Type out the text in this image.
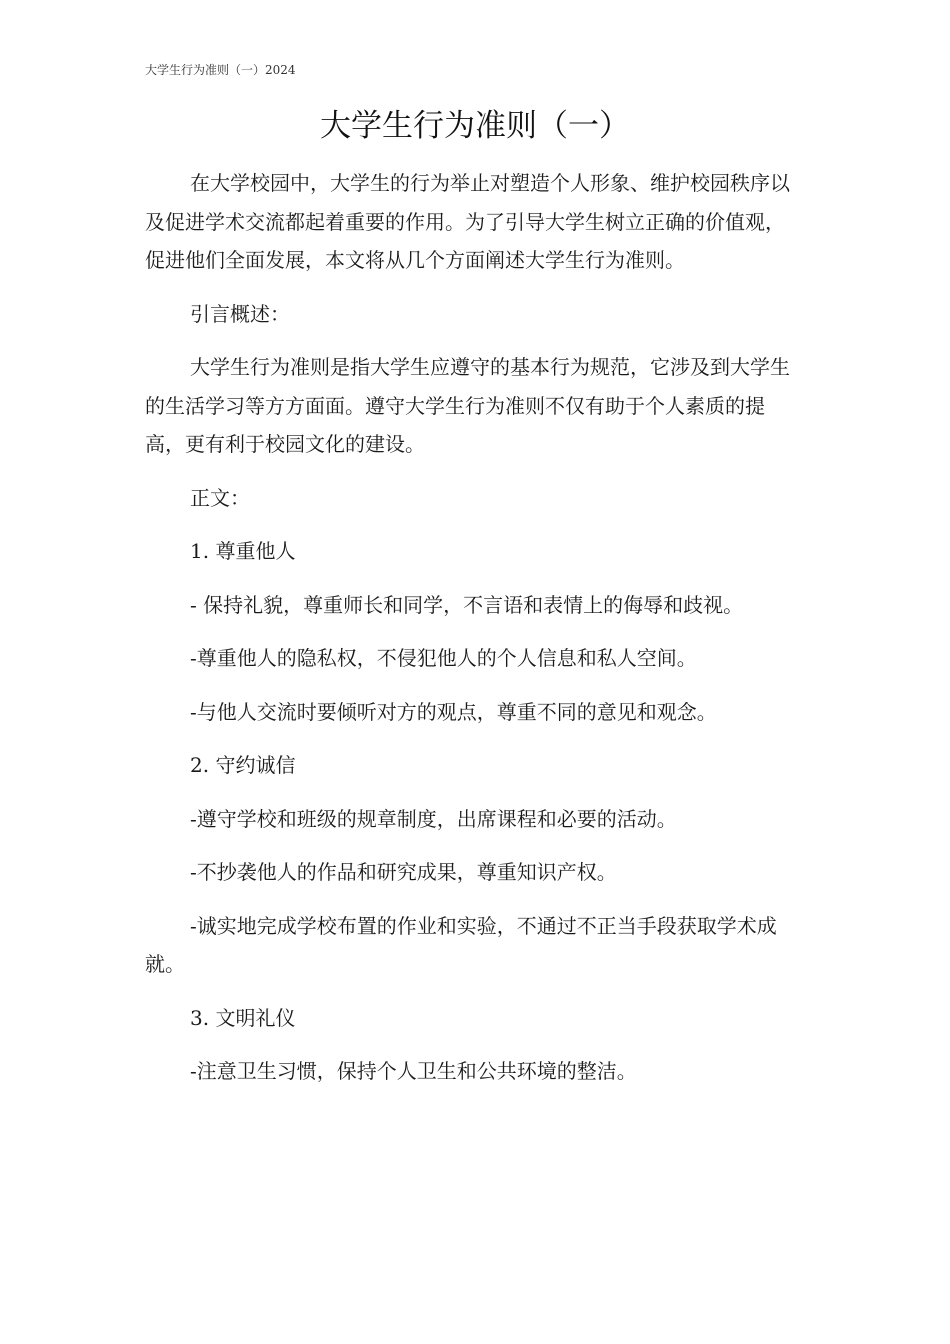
大学生行为准则（一）2024
大学生行为准则（一）

在大学校园中，大学生的行为举止对塑造个人形象、维护校园秩序以及促进学术交流都起着重要的作用。为了引导大学生树立正确的价值观，促进他们全面发展，本文将从几个方面阐述大学生行为准则。

引言概述：

大学生行为准则是指大学生应遵守的基本行为规范，它涉及到大学生的生活学习等方方面面。遵守大学生行为准则不仅有助于个人素质的提高，更有利于校园文化的建设。

正文：

1. 尊重他人

- 保持礼貌，尊重师长和同学，不言语和表情上的侮辱和歧视。

-尊重他人的隐私权，不侵犯他人的个人信息和私人空间。

-与他人交流时要倾听对方的观点，尊重不同的意见和观念。

2. 守约诚信

-遵守学校和班级的规章制度，出席课程和必要的活动。

-不抄袭他人的作品和研究成果，尊重知识产权。

-诚实地完成学校布置的作业和实验，不通过不正当手段获取学术成就。

3. 文明礼仪

-注意卫生习惯，保持个人卫生和公共环境的整洁。
